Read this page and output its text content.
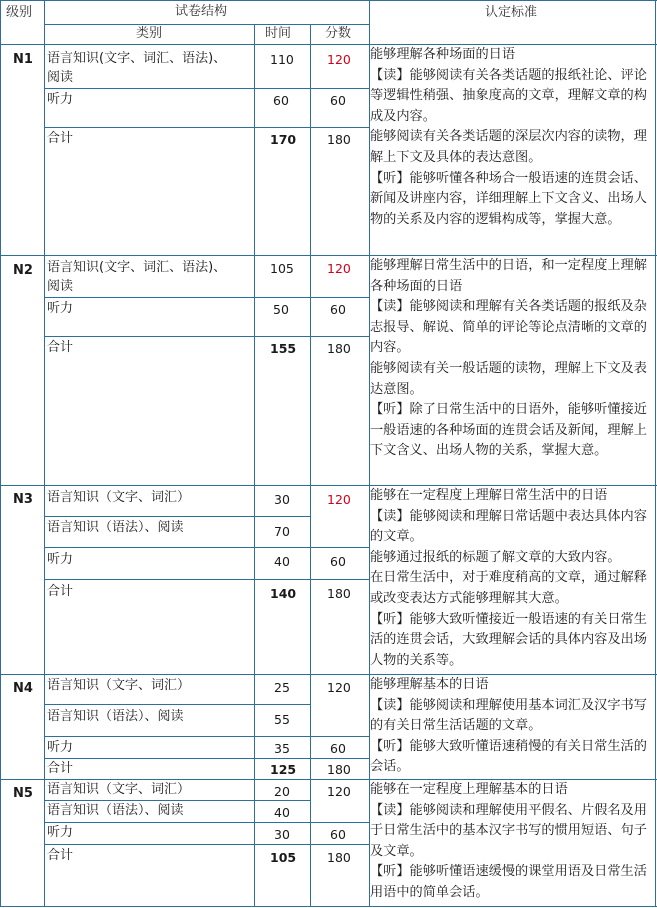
级别	试卷结构	认定标准
类别	时间	分数
N1 语言知识(文字、词汇、语法)、
阅读
110	120
听力	60	60
合计	170 180

能够理解各种场面的日语

【读】能够阅读有关各类话题的报纸社论、评论等逻辑性稍强、抽象度高的文章，理解文章的构成及内容。

能够阅读有关各类话题的深层次内容的读物，理解上下文及具体的表达意图。

【听】能够听懂各种场合一般语速的连贯会话、新闻及讲座内容，详细理解上下文含义、出场人物的关系及内容的逻辑构成等，掌握大意。

N2 语言知识(文字、词汇、语法)、
阅读
105	120
听力	50	60
合计	155 180

能够理解日常生活中的日语，和一定程度上理解各种场面的日语

【读】能够阅读和理解有关各类话题的报纸及杂志报导、解说、简单的评论等论点清晰的文章的内容。

能够阅读有关一般话题的读物，理解上下文及表达意图。

【听】除了日常生活中的日语外，能够听懂接近一般语速的各种场面的连贯会话及新闻，理解上下文含义、出场人物的关系，掌握大意。

N3 语言知识（文字、词汇）	30	120
语言知识（语法）、阅读	70
听力	40	60
合计	140 180

能够在一定程度上理解日常生活中的日语

【读】能够阅读和理解日常话题中表达具体内容的文章。

能够通过报纸的标题了解文章的大致内容。

在日常生活中，对于难度稍高的文章，通过解释或改变表达方式能够理解其大意。

【听】能够大致听懂接近一般语速的有关日常生活的连贯会话，大致理解会话的具体内容及出场人物的关系等。

N4 语言知识（文字、词汇）	25	120
语言知识（语法）、阅读	55
听力	35	60
合计	125 180

能够理解基本的日语

【读】能够阅读和理解使用基本词汇及汉字书写的有关日常生活话题的文章。

【听】能够大致听懂语速稍慢的有关日常生活的会话。

N5 语言知识（文字、词汇）	20	120
语言知识（语法）、阅读	40
听力	30	60
合计	105 180

能够在一定程度上理解基本的日语

【读】能够阅读和理解使用平假名、片假名及用于日常生活中的基本汉字书写的惯用短语、句子及文章。

【听】能够听懂语速缓慢的课堂用语及日常生活用语中的简单会话。
